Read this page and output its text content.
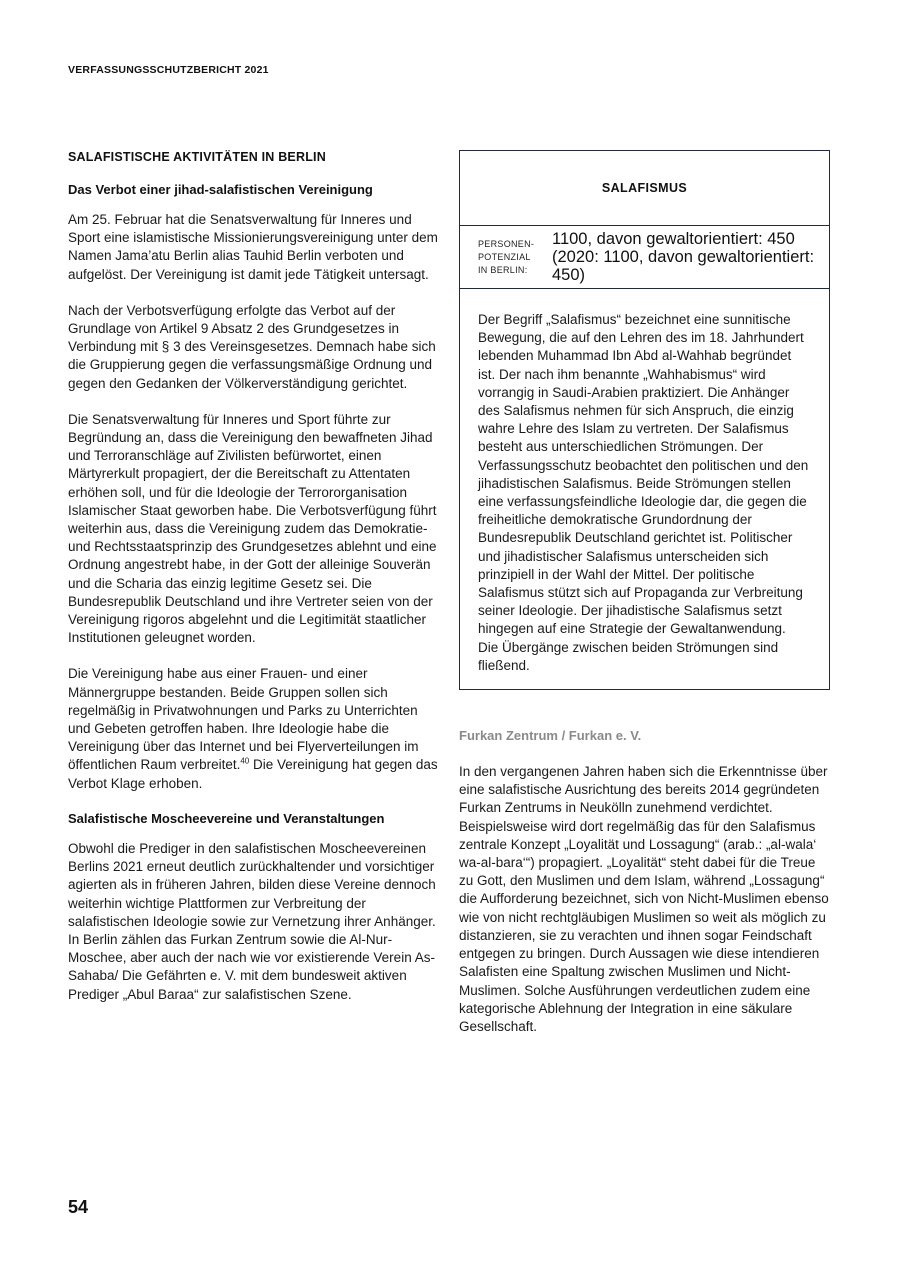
VERFASSUNGSSCHUTZBERICHT 2021
SALAFISTISCHE AKTIVITÄTEN IN BERLIN
Das Verbot einer jihad-salafistischen Vereinigung

Am 25. Februar hat die Senatsverwaltung für Inneres und Sport eine islamistische Missionierungsvereinigung unter dem Namen Jama’atu Berlin alias Tauhid Berlin verboten und aufgelöst. Der Vereinigung ist damit jede Tätigkeit untersagt.

Nach der Verbotsverfügung erfolgte das Verbot auf der Grundlage von Artikel 9 Absatz 2 des Grundgesetzes in Verbindung mit § 3 des Vereinsgesetzes. Demnach habe sich die Gruppierung gegen die verfassungsmäßige Ordnung und gegen den Gedanken der Völkerverständigung gerichtet.

Die Senatsverwaltung für Inneres und Sport führte zur Begründung an, dass die Vereinigung den bewaffneten Jihad und Terroranschläge auf Zivilisten befürwortet, einen Märtyrerkult propagiert, der die Bereitschaft zu Attentaten erhöhen soll, und für die Ideologie der Terrororganisation Islamischer Staat geworben habe. Die Verbotsverfügung führt weiterhin aus, dass die Vereinigung zudem das Demokratie- und Rechtsstaatsprinzip des Grundgesetzes ablehnt und eine Ordnung angestrebt habe, in der Gott der alleinige Souverän und die Scharia das einzig legitime Gesetz sei. Die Bundesrepublik Deutschland und ihre Vertreter seien von der Vereinigung rigoros abgelehnt und die Legitimität staatlicher Institutionen geleugnet worden.

Die Vereinigung habe aus einer Frauen- und einer Männergruppe bestanden. Beide Gruppen sollen sich regelmäßig in Privatwohnungen und Parks zu Unterrichten und Gebeten getroffen haben. Ihre Ideologie habe die Vereinigung über das Internet und bei Flyerverteilungen im öffentlichen Raum verbreitet.$^{40}$ Die Vereinigung hat gegen das Verbot Klage erhoben.

Salafistische Moscheevereine und Veranstaltungen

Obwohl die Prediger in den salafistischen Moscheevereinen Berlins 2021 erneut deutlich zurückhaltender und vorsichtiger agierten als in früheren Jahren, bilden diese Vereine dennoch weiterhin wichtige Plattformen zur Verbreitung der salafistischen Ideologie sowie zur Vernetzung ihrer Anhänger. In Berlin zählen das Furkan Zentrum sowie die Al-Nur-Moschee, aber auch der nach wie vor existierende Verein As-Sahaba/ Die Gefährten e. V. mit dem bundesweit aktiven Prediger „Abul Baraa“ zur salafistischen Szene.

SALAFISMUS
PERSONEN-
POTENZIAL
IN BERLIN:
1100, davon gewaltorientiert: 450 (2020: 1100, davon gewaltorientiert: 450)

Der Begriff „Salafismus“ bezeichnet eine sunnitische Bewegung, die auf den Lehren des im 18. Jahrhundert lebenden Muhammad Ibn Abd al-Wahhab begründet ist. Der nach ihm benannte „Wahhabismus“ wird vorrangig in Saudi-Arabien praktiziert. Die Anhänger des Salafismus nehmen für sich Anspruch, die einzig wahre Lehre des Islam zu vertreten. Der Salafismus besteht aus unterschiedlichen Strömungen. Der Verfassungsschutz beobachtet den politischen und den jihadistischen Salafismus. Beide Strömungen stellen eine verfassungsfeindliche Ideologie dar, die gegen die freiheitliche demokratische Grundordnung der Bundesrepublik Deutschland gerichtet ist. Politischer und jihadistischer Salafismus unterscheiden sich prinzipiell in der Wahl der Mittel. Der politische Salafismus stützt sich auf Propaganda zur Verbreitung seiner Ideologie. Der jihadistische Salafismus setzt hingegen auf eine Strategie der Gewaltanwendung. Die Übergänge zwischen beiden Strömungen sind fließend.

Furkan Zentrum / Furkan e. V.

In den vergangenen Jahren haben sich die Erkenntnisse über eine salafistische Ausrichtung des bereits 2014 gegründeten Furkan Zentrums in Neukölln zunehmend verdichtet. Beispielsweise wird dort regelmäßig das für den Salafismus zentrale Konzept „Loyalität und Lossagung“ (arab.: „al-wala‘ wa-al-bara‘“) propagiert. „Loyalität“ steht dabei für die Treue zu Gott, den Muslimen und dem Islam, während „Lossagung“ die Aufforderung bezeichnet, sich von Nicht-Muslimen ebenso wie von nicht rechtgläubigen Muslimen so weit als möglich zu distanzieren, sie zu verachten und ihnen sogar Feindschaft entgegen zu bringen. Durch Aussagen wie diese intendieren Salafisten eine Spaltung zwischen Muslimen und Nicht-Muslimen. Solche Ausführungen verdeutlichen zudem eine kategorische Ablehnung der Integration in eine säkulare Gesellschaft.

54
